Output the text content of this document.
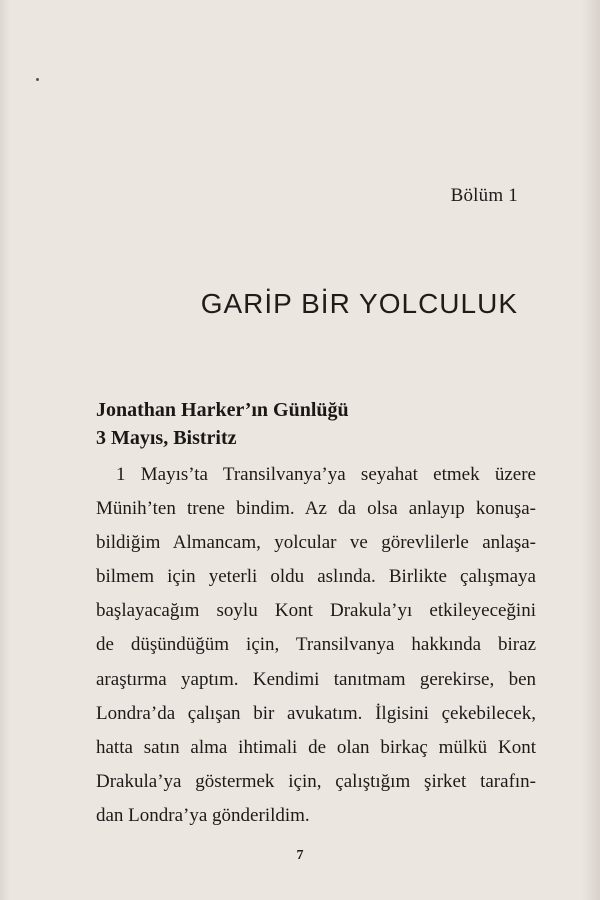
Bölüm 1
GARİP BİR YOLCULUK
Jonathan Harker’ın Günlüğü
3 Mayıs, Bistritz
1 Mayıs’ta Transilvanya’ya seyahat etmek üzere
Münih’ten trene bindim. Az da olsa anlayıp konuşa-
bildiğim Almancam, yolcular ve görevlilerle anlaşa-
bilmem için yeterli oldu aslında. Birlikte çalışmaya
başlayacağım soylu Kont Drakula’yı etkileyeceğini
de düşündüğüm için, Transilvanya hakkında biraz
araştırma yaptım. Kendimi tanıtmam gerekirse, ben
Londra’da çalışan bir avukatım. İlgisini çekebilecek,
hatta satın alma ihtimali de olan birkaç mülkü Kont
Drakula’ya göstermek için, çalıştığım şirket tarafın-
dan Londra’ya gönderildim.
7
